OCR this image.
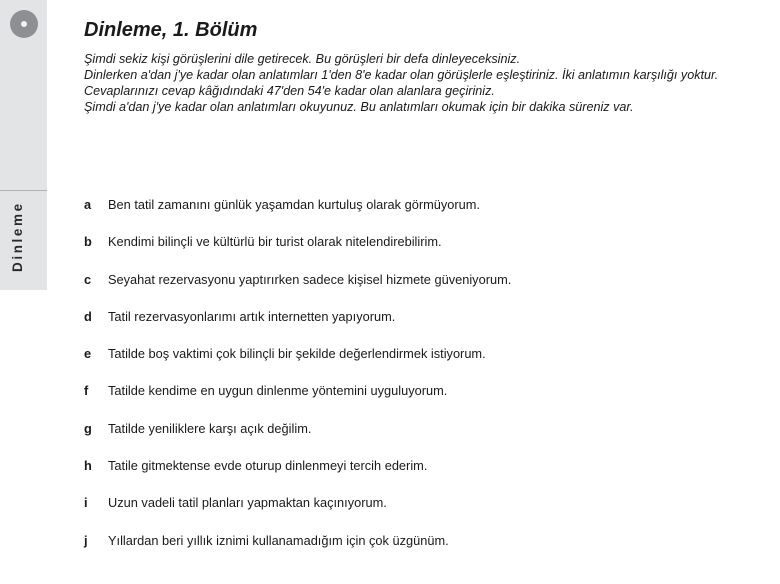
Dinleme
Dinleme, 1. Bölüm

Şimdi sekiz kişi görüşlerini dile getirecek. Bu görüşleri bir defa dinleyeceksiniz.

Dinlerken a'dan j'ye kadar olan anlatımları 1'den 8'e kadar olan görüşlerle eşleştiriniz. İki anlatımın karşılığı yoktur.

Cevaplarınızı cevap kâğıdındaki 47'den 54'e kadar olan alanlara geçiriniz.

Şimdi a'dan j'ye kadar olan anlatımları okuyunuz. Bu anlatımları okumak için bir dakika süreniz var.

a	Ben tatil zamanını günlük yaşamdan kurtuluş olarak görmüyorum.
b	Kendimi bilinçli ve kültürlü bir turist olarak nitelendirebilirim.
c	Seyahat rezervasyonu yaptırırken sadece kişisel hizmete güveniyorum.
d	Tatil rezervasyonlarımı artık internetten yapıyorum.
e	Tatilde boş vaktimi çok bilinçli bir şekilde değerlendirmek istiyorum.
f	Tatilde kendime en uygun dinlenme yöntemini uyguluyorum.
g	Tatilde yeniliklere karşı açık değilim.
h	Tatile gitmektense evde oturup dinlenmeyi tercih ederim.
i	Uzun vadeli tatil planları yapmaktan kaçınıyorum.
j	Yıllardan beri yıllık iznimi kullanamadığım için çok üzgünüm.
